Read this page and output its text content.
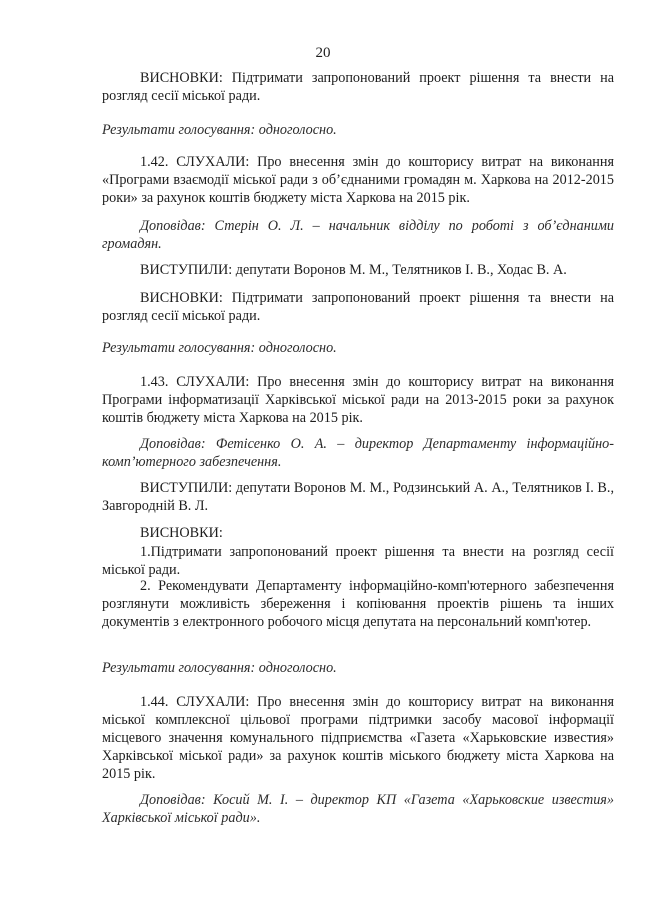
20

ВИСНОВКИ: Підтримати запропонований проект рішення та внести на розгляд сесії міської ради.

Результати голосування: одноголосно.

1.42. СЛУХАЛИ: Про внесення змін до кошторису витрат на виконання «Програми взаємодії міської ради з об’єднаними громадян м. Харкова на 2012-2015 роки» за рахунок коштів бюджету міста Харкова на 2015 рік.

Доповідав: Стерін О. Л. – начальник відділу по роботі з об’єднаними громадян.

ВИСТУПИЛИ: депутати Воронов М. М., Телятников І. В., Ходас В. А.

ВИСНОВКИ: Підтримати запропонований проект рішення та внести на розгляд сесії міської ради.

Результати голосування: одноголосно.

1.43. СЛУХАЛИ: Про внесення змін до кошторису витрат на виконання Програми інформатизації Харківської міської ради на 2013-2015 роки за рахунок коштів бюджету міста Харкова на 2015 рік.

Доповідав: Фетісенко О. А. – директор Департаменту інформаційно-комп’ютерного забезпечення.

ВИСТУПИЛИ: депутати Воронов М. М., Родзинський А. А., Телятников І. В., Завгородній В. Л.

ВИСНОВКИ:

1.Підтримати запропонований проект рішення та внести на розгляд сесії міської ради.

2. Рекомендувати Департаменту інформаційно-комп'ютерного забезпечення розглянути можливість збереження і копіювання проектів рішень та інших документів з електронного робочого місця депутата на персональний комп'ютер.

Результати голосування: одноголосно.

1.44. СЛУХАЛИ: Про внесення змін до кошторису витрат на виконання міської комплексної цільової програми підтримки засобу масової інформації місцевого значення комунального підприємства «Газета «Харьковские известия» Харківської міської ради» за рахунок коштів міського бюджету міста Харкова на 2015 рік.

Доповідав: Косий М. І. – директор КП «Газета «Харьковские известия» Харківської міської ради».
